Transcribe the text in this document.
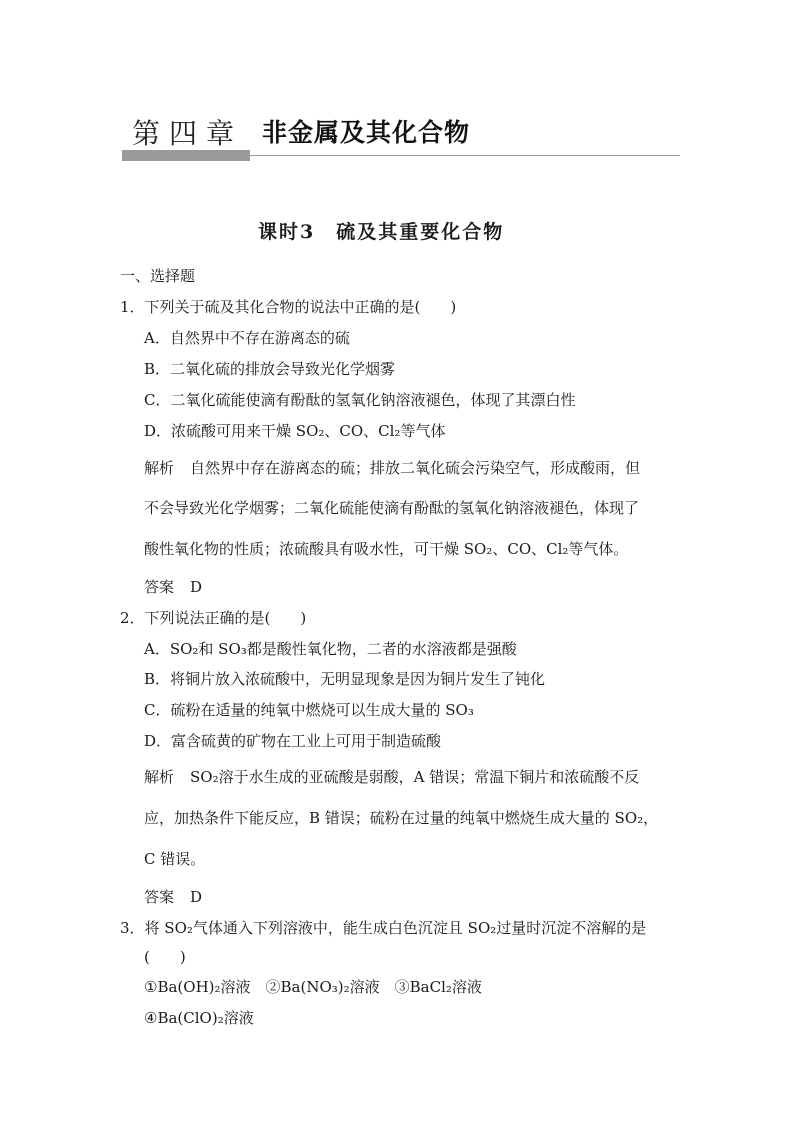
第四章 非金属及其化合物
课时3　硫及其重要化合物
一、选择题
1．下列关于硫及其化合物的说法中正确的是(　　)
A．自然界中不存在游离态的硫
B．二氧化硫的排放会导致光化学烟雾
C．二氧化硫能使滴有酚酞的氢氧化钠溶液褪色，体现了其漂白性
D．浓硫酸可用来干燥 SO₂、CO、Cl₂等气体
解析 自然界中存在游离态的硫；排放二氧化硫会污染空气，形成酸雨，但
不会导致光化学烟雾；二氧化硫能使滴有酚酞的氢氧化钠溶液褪色，体现了
酸性氧化物的性质；浓硫酸具有吸水性，可干燥 SO₂、CO、Cl₂等气体。
答案 D
2．下列说法正确的是(　　)
A．SO₂和 SO₃都是酸性氧化物，二者的水溶液都是强酸
B．将铜片放入浓硫酸中，无明显现象是因为铜片发生了钝化
C．硫粉在适量的纯氧中燃烧可以生成大量的 SO₃
D．富含硫黄的矿物在工业上可用于制造硫酸
解析 SO₂溶于水生成的亚硫酸是弱酸，A 错误；常温下铜片和浓硫酸不反
应，加热条件下能反应，B 错误；硫粉在过量的纯氧中燃烧生成大量的 SO₂，
C 错误。
答案 D
3．将 SO₂气体通入下列溶液中，能生成白色沉淀且 SO₂过量时沉淀不溶解的是
(　　)
①Ba(OH)₂溶液　②Ba(NO₃)₂溶液　③BaCl₂溶液
④Ba(ClO)₂溶液
